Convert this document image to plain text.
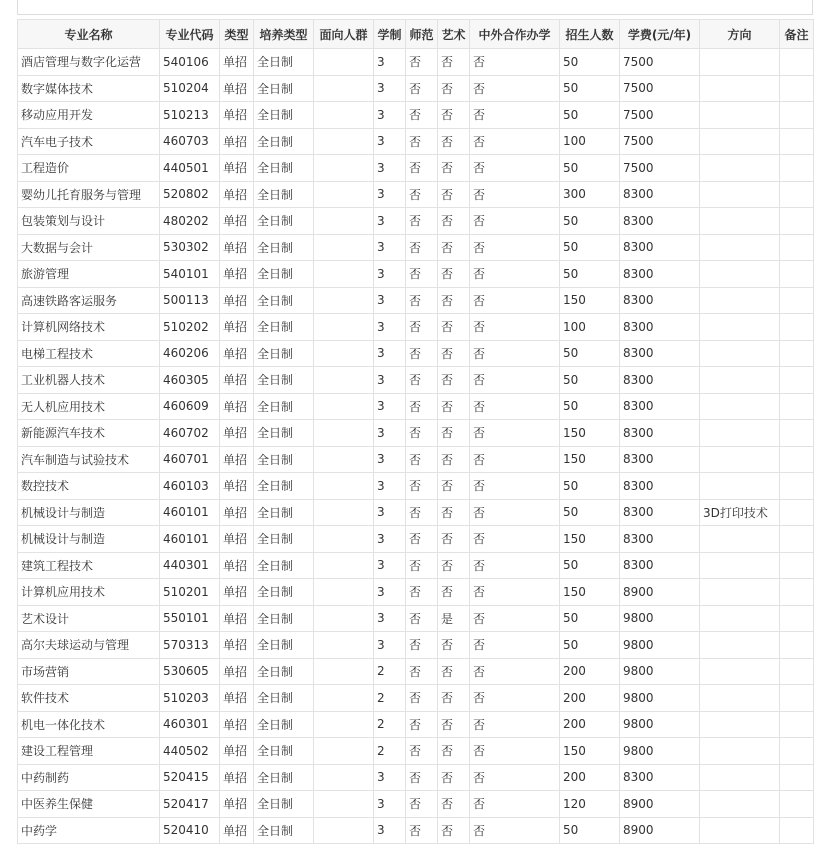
专业名称	专业代码	类型	培养类型	面向人群	学制	师范	艺术	中外合作办学	招生人数	学费(元/年)	方向	备注
酒店管理与数字化运营	540106	单招	全日制		3	否	否	否	50	7500		
数字媒体技术	510204	单招	全日制		3	否	否	否	50	7500		
移动应用开发	510213	单招	全日制		3	否	否	否	50	7500		
汽车电子技术	460703	单招	全日制		3	否	否	否	100	7500		
工程造价	440501	单招	全日制		3	否	否	否	50	7500		
婴幼儿托育服务与管理	520802	单招	全日制		3	否	否	否	300	8300		
包装策划与设计	480202	单招	全日制		3	否	否	否	50	8300		
大数据与会计	530302	单招	全日制		3	否	否	否	50	8300		
旅游管理	540101	单招	全日制		3	否	否	否	50	8300		
高速铁路客运服务	500113	单招	全日制		3	否	否	否	150	8300		
计算机网络技术	510202	单招	全日制		3	否	否	否	100	8300		
电梯工程技术	460206	单招	全日制		3	否	否	否	50	8300		
工业机器人技术	460305	单招	全日制		3	否	否	否	50	8300		
无人机应用技术	460609	单招	全日制		3	否	否	否	50	8300		
新能源汽车技术	460702	单招	全日制		3	否	否	否	150	8300		
汽车制造与试验技术	460701	单招	全日制		3	否	否	否	150	8300		
数控技术	460103	单招	全日制		3	否	否	否	50	8300		
机械设计与制造	460101	单招	全日制		3	否	否	否	50	8300	3D打印技术	
机械设计与制造	460101	单招	全日制		3	否	否	否	150	8300		
建筑工程技术	440301	单招	全日制		3	否	否	否	50	8300		
计算机应用技术	510201	单招	全日制		3	否	否	否	150	8900		
艺术设计	550101	单招	全日制		3	否	是	否	50	9800		
高尔夫球运动与管理	570313	单招	全日制		3	否	否	否	50	9800		
市场营销	530605	单招	全日制		2	否	否	否	200	9800		
软件技术	510203	单招	全日制		2	否	否	否	200	9800		
机电一体化技术	460301	单招	全日制		2	否	否	否	200	9800		
建设工程管理	440502	单招	全日制		2	否	否	否	150	9800		
中药制药	520415	单招	全日制		3	否	否	否	200	8300		
中医养生保健	520417	单招	全日制		3	否	否	否	120	8900		
中药学	520410	单招	全日制		3	否	否	否	50	8900		
